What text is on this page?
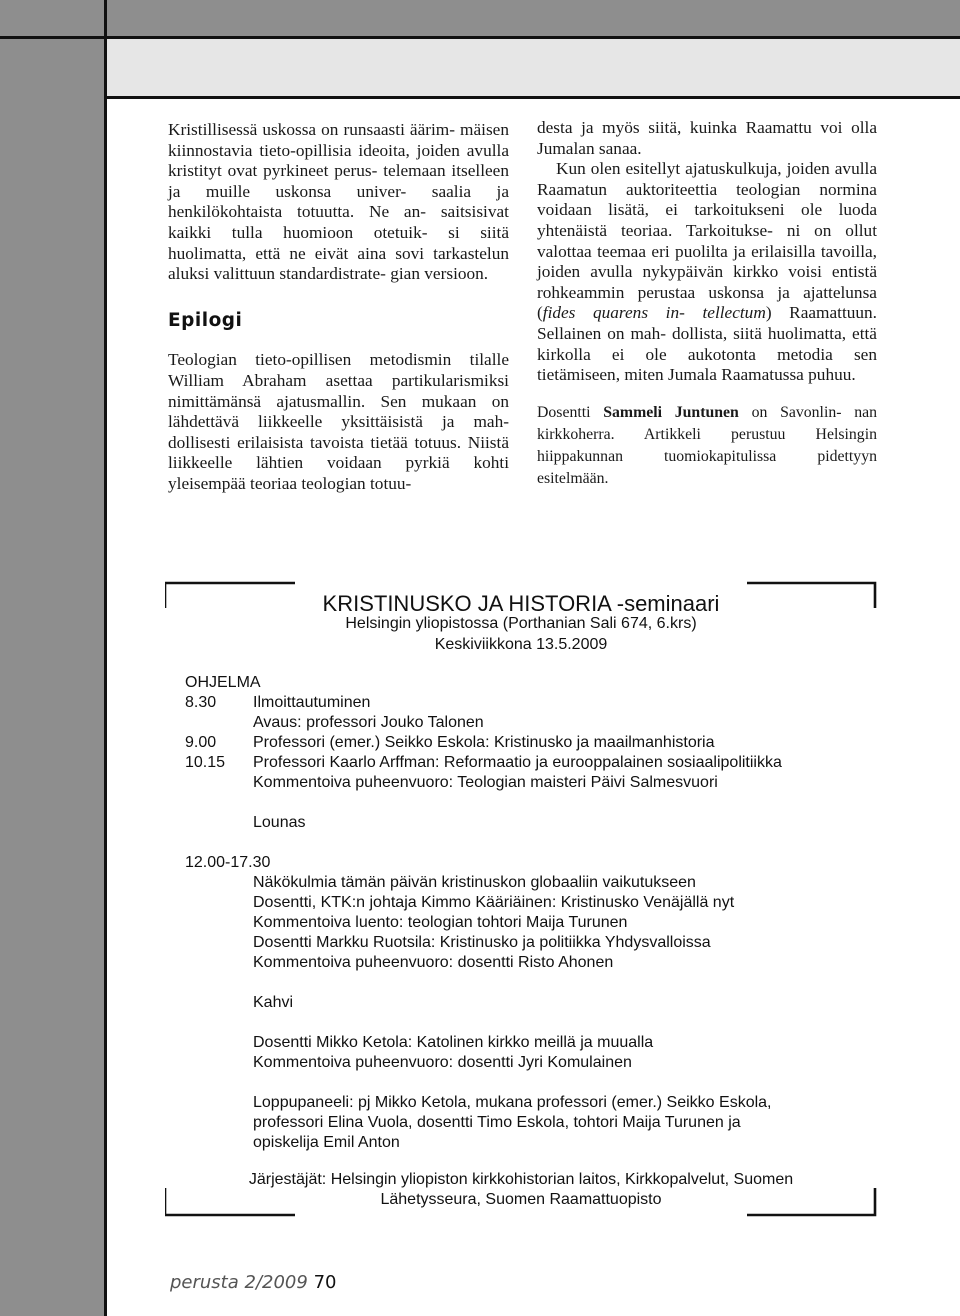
Kristillisessä uskossa on runsaasti äärim- mäisen kiinnostavia tieto-opillisia ideoita, joiden avulla kristityt ovat pyrkineet perus- telemaan itselleen ja muille uskonsa univer- saalia ja henkilökohtaista totuutta. Ne an- saitsisivat kaikki tulla huomioon otetuik- si siitä huolimatta, että ne eivät aina sovi tarkastelun aluksi valittuun standardistrate- gian versioon.

Epilogi

Teologian tieto-opillisen metodismin tilalle William Abraham asettaa partikularismiksi nimittämänsä ajatusmallin. Sen mukaan on lähdettävä liikkeelle yksittäisistä ja mah- dollisesti erilaisista tavoista tietää totuus. Niistä liikkeelle lähtien voidaan pyrkiä kohti yleisempää teoriaa teologian totuu-

desta ja myös siitä, kuinka Raamattu voi olla Jumalan sanaa.

Kun olen esitellyt ajatuskulkuja, joiden avulla Raamatun auktoriteettia teologian normina voidaan lisätä, ei tarkoitukseni ole luoda yhtenäistä teoriaa. Tarkoitukse- ni on ollut valottaa teemaa eri puolilta ja erilaisilla tavoilla, joiden avulla nykypäivän kirkko voisi entistä rohkeammin perustaa uskonsa ja ajattelunsa (fides quarens in- tellectum) Raamattuun. Sellainen on mah- dollista, siitä huolimatta, että kirkolla ei ole aukotonta metodia sen tietämiseen, miten Jumala Raamatussa puhuu.

Dosentti Sammeli Juntunen on Savonlin- nan kirkkoherra. Artikkeli perustuu Helsingin hiippakunnan tuomiokapitulissa pidettyyn esitelmään.

KRISTINUSKO JA HISTORIA -seminaari
Helsingin yliopistossa (Porthanian Sali 674, 6.krs)
Keskiviikkona 13.5.2009
OHJELMA
8.30	Ilmoittautuminen
Avaus: professori Jouko Talonen
9.00	Professori (emer.) Seikko Eskola: Kristinusko ja maailmanhistoria
10.15	Professori Kaarlo Arffman: Reformaatio ja eurooppalainen sosiaalipolitiikka
Kommentoiva puheenvuoro: Teologian maisteri Päivi Salmesvuori
Lounas
12.00-17.30
Näkökulmia tämän päivän kristinuskon globaaliin vaikutukseen
Dosentti, KTK:n johtaja Kimmo Kääriäinen: Kristinusko Venäjällä nyt
Kommentoiva luento: teologian tohtori Maija Turunen
Dosentti Markku Ruotsila: Kristinusko ja politiikka Yhdysvalloissa
Kommentoiva puheenvuoro: dosentti Risto Ahonen
Kahvi
Dosentti Mikko Ketola: Katolinen kirkko meillä ja muualla
Kommentoiva puheenvuoro: dosentti Jyri Komulainen
Loppupaneeli: pj Mikko Ketola, mukana professori (emer.) Seikko Eskola,
professori Elina Vuola, dosentti Timo Eskola, tohtori Maija Turunen ja
opiskelija Emil Anton
Järjestäjät: Helsingin yliopiston kirkkohistorian laitos, Kirkkopalvelut, Suomen
Lähetysseura, Suomen Raamattuopisto
perusta 2/2009 70
